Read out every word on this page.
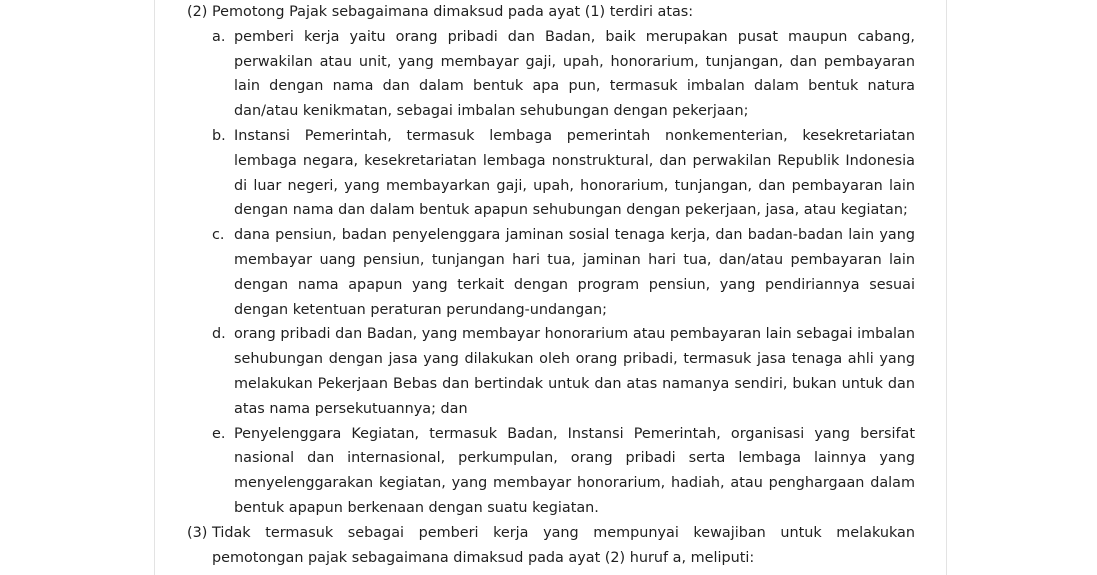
(2) Pemotong Pajak sebagaimana dimaksud pada ayat (1) terdiri atas:
a. pemberi kerja yaitu orang pribadi dan Badan, baik merupakan pusat maupun cabang, perwakilan atau unit, yang membayar gaji, upah, honorarium, tunjangan, dan pembayaran lain dengan nama dan dalam bentuk apa pun, termasuk imbalan dalam bentuk natura dan/atau kenikmatan, sebagai imbalan sehubungan dengan pekerjaan;
b. Instansi Pemerintah, termasuk lembaga pemerintah nonkementerian, kesekretariatan lembaga negara, kesekretariatan lembaga nonstruktural, dan perwakilan Republik Indonesia di luar negeri, yang membayarkan gaji, upah, honorarium, tunjangan, dan pembayaran lain dengan nama dan dalam bentuk apapun sehubungan dengan pekerjaan, jasa, atau kegiatan;
c. dana pensiun, badan penyelenggara jaminan sosial tenaga kerja, dan badan-badan lain yang membayar uang pensiun, tunjangan hari tua, jaminan hari tua, dan/atau pembayaran lain dengan nama apapun yang terkait dengan program pensiun, yang pendiriannya sesuai dengan ketentuan peraturan perundang-undangan;
d. orang pribadi dan Badan, yang membayar honorarium atau pembayaran lain sebagai imbalan sehubungan dengan jasa yang dilakukan oleh orang pribadi, termasuk jasa tenaga ahli yang melakukan Pekerjaan Bebas dan bertindak untuk dan atas namanya sendiri, bukan untuk dan atas nama persekutuannya; dan
e. Penyelenggara Kegiatan, termasuk Badan, Instansi Pemerintah, organisasi yang bersifat nasional dan internasional, perkumpulan, orang pribadi serta lembaga lainnya yang menyelenggarakan kegiatan, yang membayar honorarium, hadiah, atau penghargaan dalam bentuk apapun berkenaan dengan suatu kegiatan.
(3) Tidak termasuk sebagai pemberi kerja yang mempunyai kewajiban untuk melakukan pemotongan pajak sebagaimana dimaksud pada ayat (2) huruf a, meliputi:
